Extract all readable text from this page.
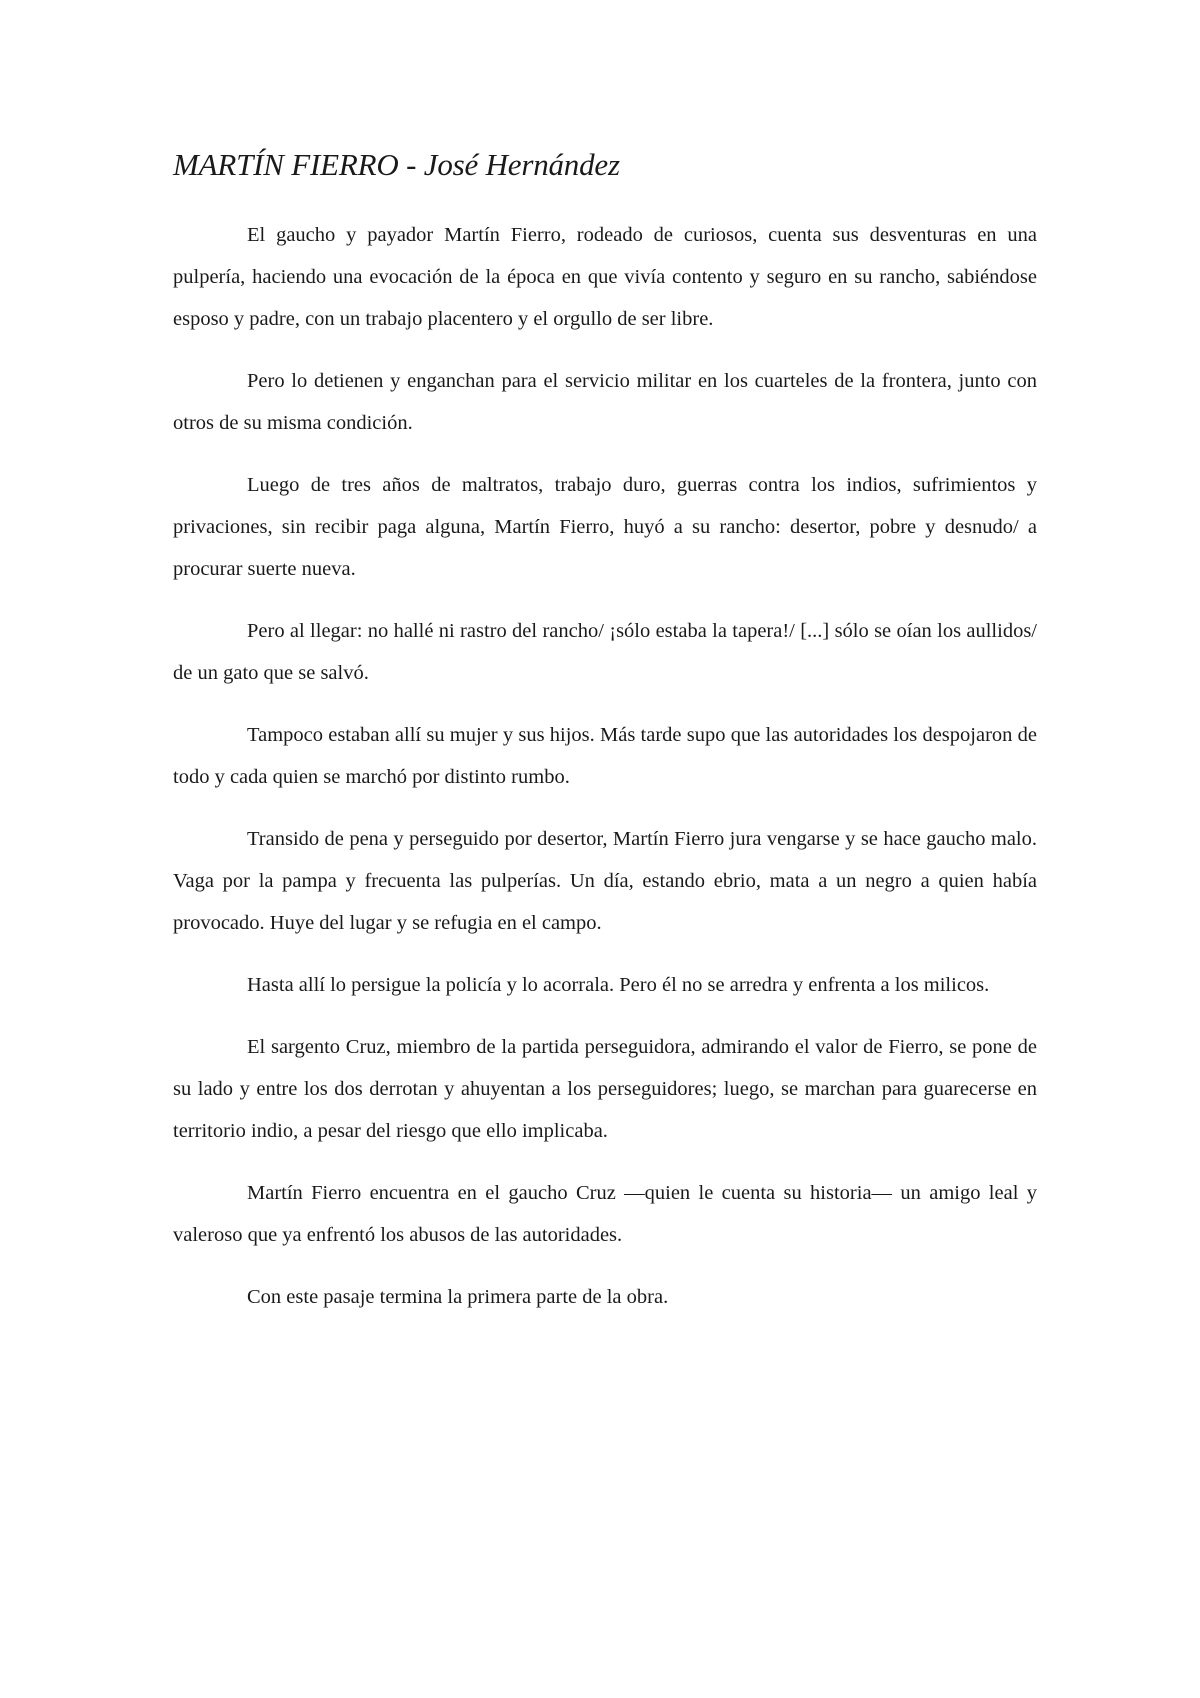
MARTÍN FIERRO - José Hernández

El gaucho y payador Martín Fierro, rodeado de curiosos, cuenta sus desventuras en una pulpería, haciendo una evocación de la época en que vivía contento y seguro en su rancho, sabiéndose esposo y padre, con un trabajo placentero y el orgullo de ser libre.

Pero lo detienen y enganchan para el servicio militar en los cuarteles de la frontera, junto con otros de su misma condición.

Luego de tres años de maltratos, trabajo duro, guerras contra los indios, sufrimientos y privaciones, sin recibir paga alguna, Martín Fierro, huyó a su rancho: desertor, pobre y desnudo/ a procurar suerte nueva.

Pero al llegar: no hallé ni rastro del rancho/ ¡sólo estaba la tapera!/ [...] sólo se oían los aullidos/ de un gato que se salvó.

Tampoco estaban allí su mujer y sus hijos. Más tarde supo que las autoridades los despojaron de todo y cada quien se marchó por distinto rumbo.

Transido de pena y perseguido por desertor, Martín Fierro jura vengarse y se hace gaucho malo. Vaga por la pampa y frecuenta las pulperías. Un día, estando ebrio, mata a un negro a quien había provocado. Huye del lugar y se refugia en el campo.

Hasta allí lo persigue la policía y lo acorrala. Pero él no se arredra y enfrenta a los milicos.

El sargento Cruz, miembro de la partida perseguidora, admirando el valor de Fierro, se pone de su lado y entre los dos derrotan y ahuyentan a los perseguidores; luego, se marchan para guarecerse en territorio indio, a pesar del riesgo que ello implicaba.

Martín Fierro encuentra en el gaucho Cruz —quien le cuenta su historia— un amigo leal y valeroso que ya enfrentó los abusos de las autoridades.

Con este pasaje termina la primera parte de la obra.
